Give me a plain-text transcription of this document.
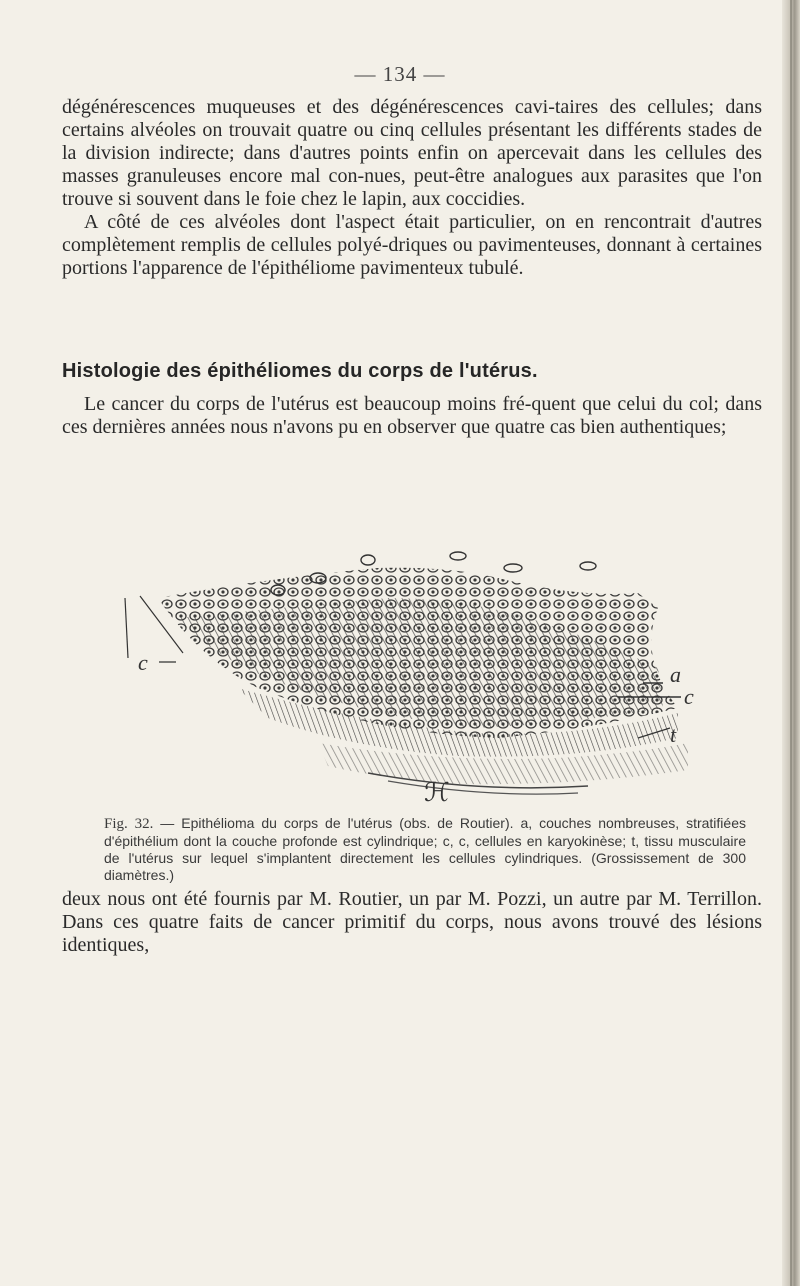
— 134 —

dégénérescences muqueuses et des dégénérescences cavi-taires des cellules; dans certains alvéoles on trouvait quatre ou cinq cellules présentant les différents stades de la division indirecte; dans d'autres points enfin on apercevait dans les cellules des masses granuleuses encore mal con-nues, peut-être analogues aux parasites que l'on trouve si souvent dans le foie chez le lapin, aux coccidies.

A côté de ces alvéoles dont l'aspect était particulier, on en rencontrait d'autres complètement remplis de cellules polyé-driques ou pavimenteuses, donnant à certaines portions l'apparence de l'épithéliome pavimenteux tubulé.

Histologie des épithéliomes du corps de l'utérus.

Le cancer du corps de l'utérus est beaucoup moins fré-quent que celui du col; dans ces dernières années nous n'avons pu en observer que quatre cas bien authentiques;

c	a
c
t
ℋ
Fig. 32. — Epithélioma du corps de l'utérus (obs. de Routier). a, couches nombreuses, stratifiées d'épithélium dont la couche profonde est cylindrique; c, c, cellules en karyokinèse; t, tissu musculaire de l'utérus sur lequel s'implantent directement les cellules cylindriques. (Grossissement de 300 diamètres.)

deux nous ont été fournis par M. Routier, un par M. Pozzi, un autre par M. Terrillon. Dans ces quatre faits de cancer primitif du corps, nous avons trouvé des lésions identiques,
